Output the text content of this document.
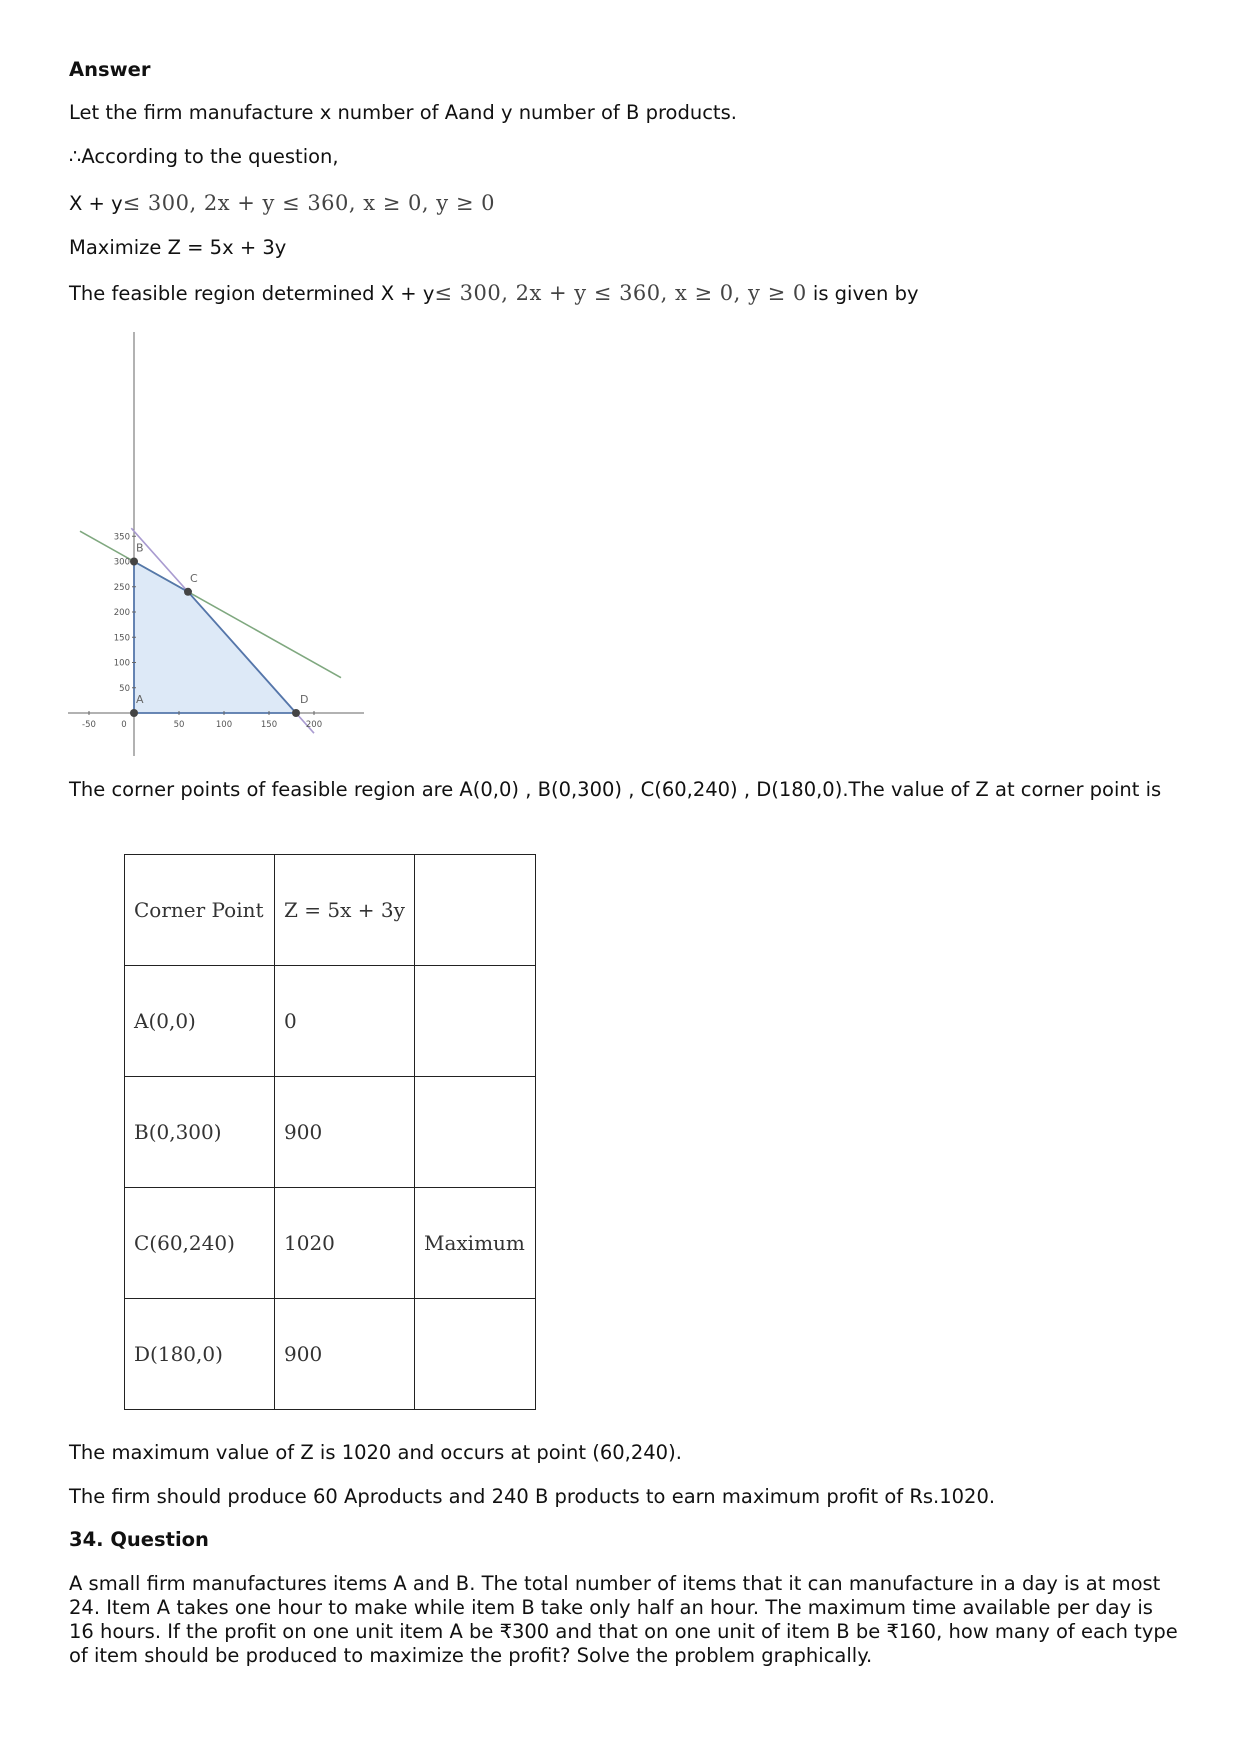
Answer

Let the firm manufacture x number of Aand y number of B products.

∴According to the question,

X + y≤ 300, 2x + y ≤ 360, x ≥ 0, y ≥ 0

Maximize Z = 5x + 3y

The feasible region determined X + y≤ 300, 2x + y ≤ 360, x ≥ 0, y ≥ 0 is given by

-50	0	50	100	150	200
350
300
250
200
150
100
50
A
B
C
D

The corner points of feasible region are A(0,0) , B(0,300) , C(60,240) , D(180,0).The value of Z at corner point is

Corner Point	Z = 5x + 3y	
A(0,0)	0	
B(0,300)	900	
C(60,240)	1020	Maximum
D(180,0)	900	

The maximum value of Z is 1020 and occurs at point (60,240).

The firm should produce 60 Aproducts and 240 B products to earn maximum profit of Rs.1020.

34. Question

A small firm manufactures items A and B. The total number of items that it can manufacture in a day is at most 24. Item A takes one hour to make while item B take only half an hour. The maximum time available per day is 16 hours. If the profit on one unit item A be ₹300 and that on one unit of item B be ₹160, how many of each type of item should be produced to maximize the profit? Solve the problem graphically.
